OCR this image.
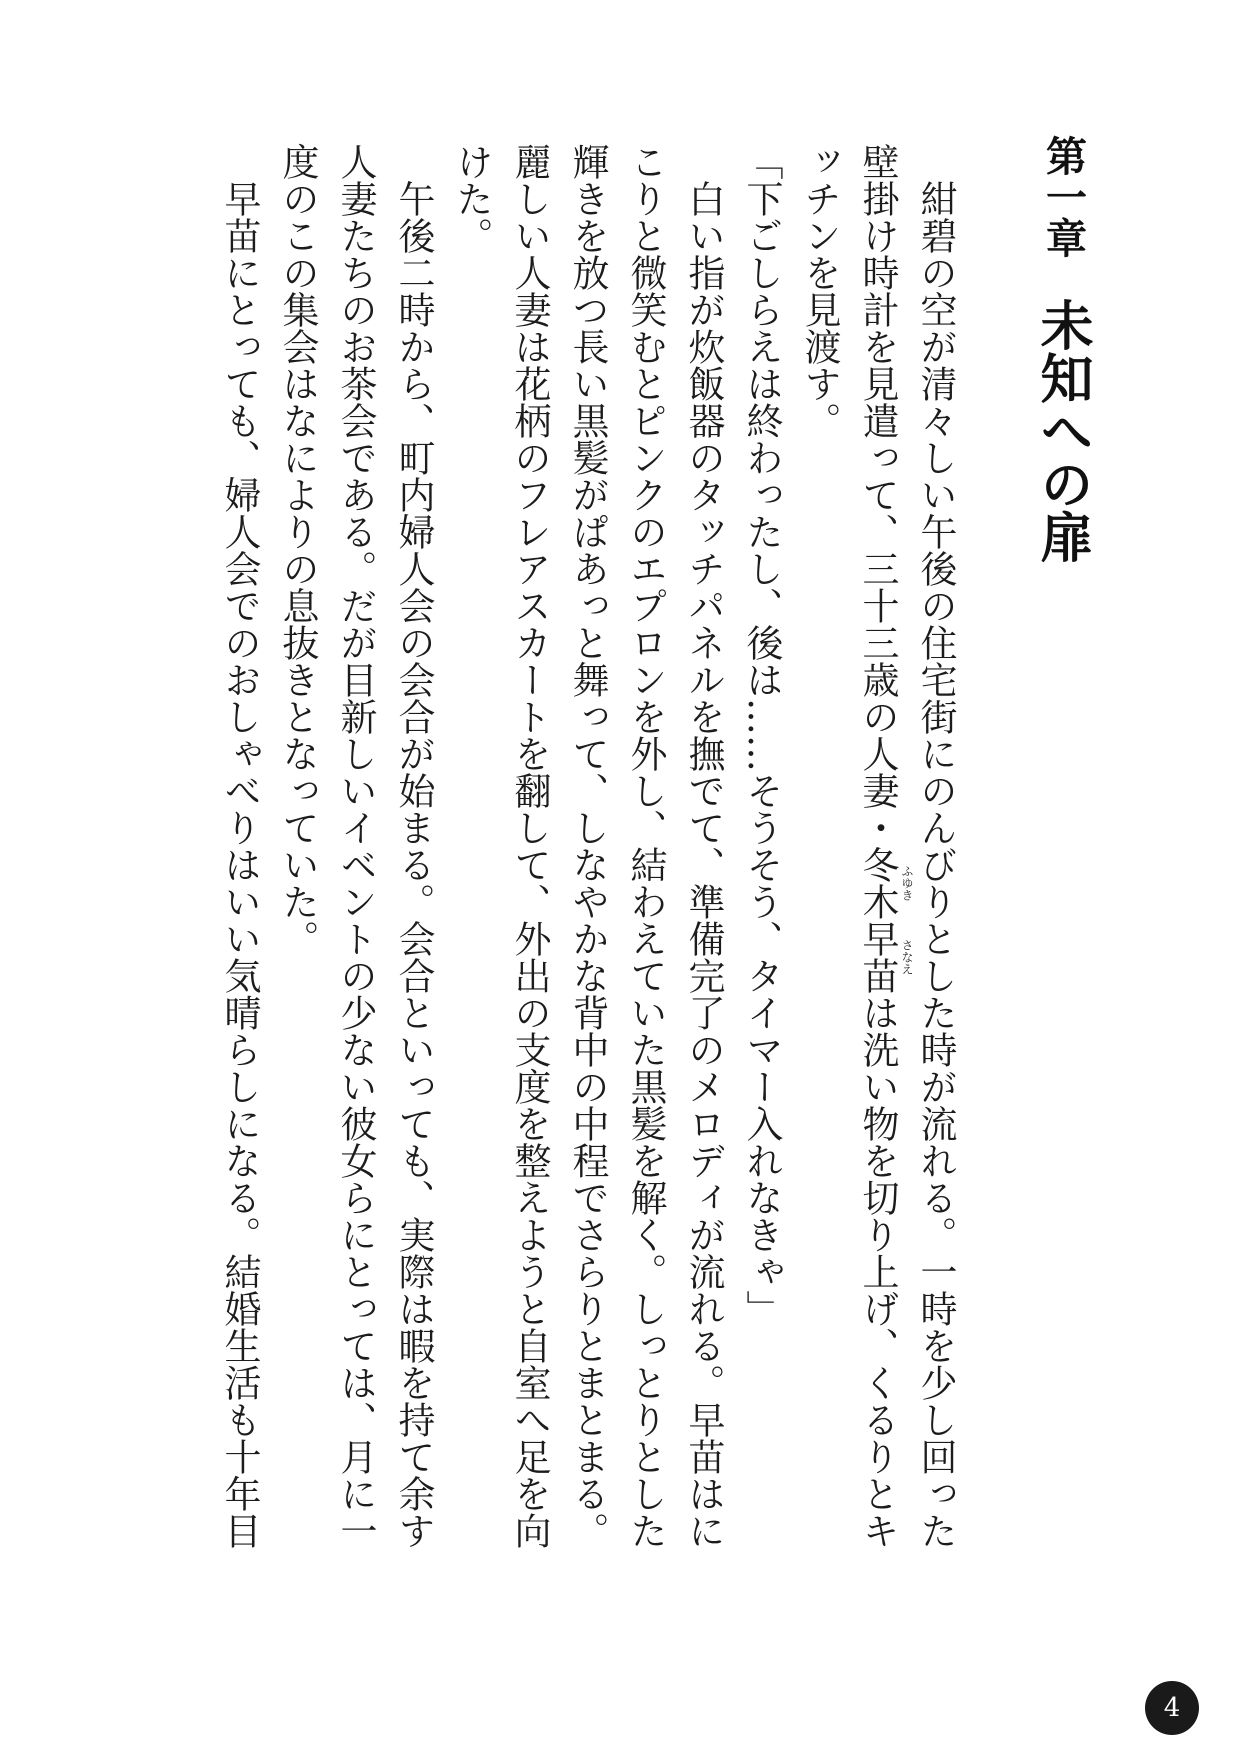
第一章
未知への扉
　紺碧の空が清々しい午後の住宅街にのんびりとした時が流れる。一時を少し回った
壁掛け時計を見遣って、三十三歳の人妻・冬木 ふゆき
早苗 さなえ
は洗い物を切り上げ、くるりとキ
ッチンを見渡す。
「下ごしらえは終わったし、後は……そうそう、タイマー入れなきゃ」
　白い指が炊飯器のタッチパネルを撫でて、準備完了のメロディが流れる。早苗はに
こりと微笑むとピンクのエプロンを外し、結わえていた黒髪を解く。しっとりとした
輝きを放つ長い黒髪がぱあっと舞って、しなやかな背中の中程でさらりとまとまる。
麗しい人妻は花柄のフレアスカートを翻して、外出の支度を整えようと自室へ足を向
けた。
　午後二時から、町内婦人会の会合が始まる。会合といっても、実際は暇を持て余す
人妻たちのお茶会である。だが目新しいイベントの少ない彼女らにとっては、月に一
度のこの集会はなによりの息抜きとなっていた。
　早苗にとっても、婦人会でのおしゃべりはいい気晴らしになる。結婚生活も十年目
4
